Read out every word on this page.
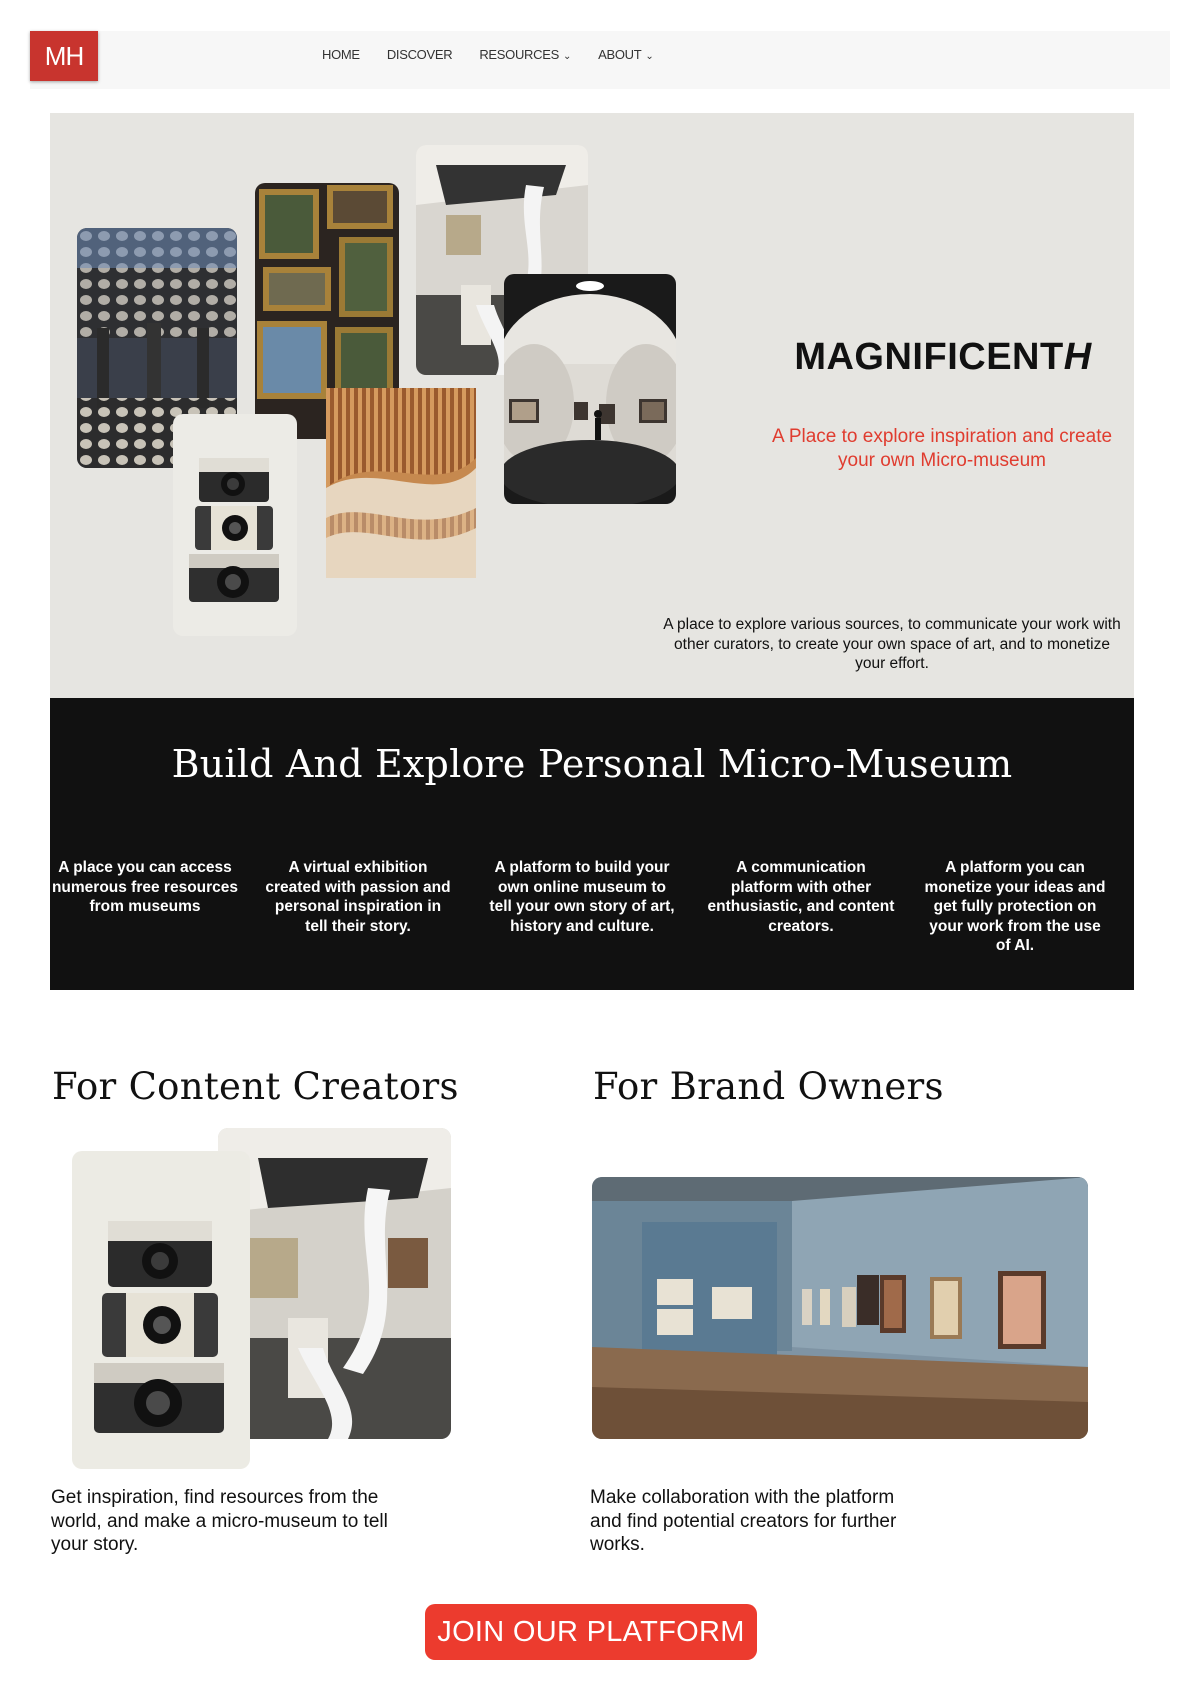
MH	HOME DISCOVER RESOURCES ⌄ ABOUT ⌄
MAGNIFICENTH
A Place to explore inspiration and create your own Micro-museum
A place to explore various sources, to communicate your work with other curators, to create your own space of art, and to monetize your effort.
Build And Explore Personal Micro-Museum
A place you can access numerous free resources from museums
A virtual exhibition created with passion and personal inspiration in tell their story.
A platform to build your own online museum to tell your own story of art, history and culture.
A communication platform with other enthusiastic, and content creators.
A platform you can monetize your ideas and get fully protection on your work from the use of AI.
For Content Creators
Get inspiration, find resources from the world, and make a micro-museum to tell your story.
For Brand Owners
Make collaboration with the platform and find potential creators for further works.
JOIN OUR PLATFORM
